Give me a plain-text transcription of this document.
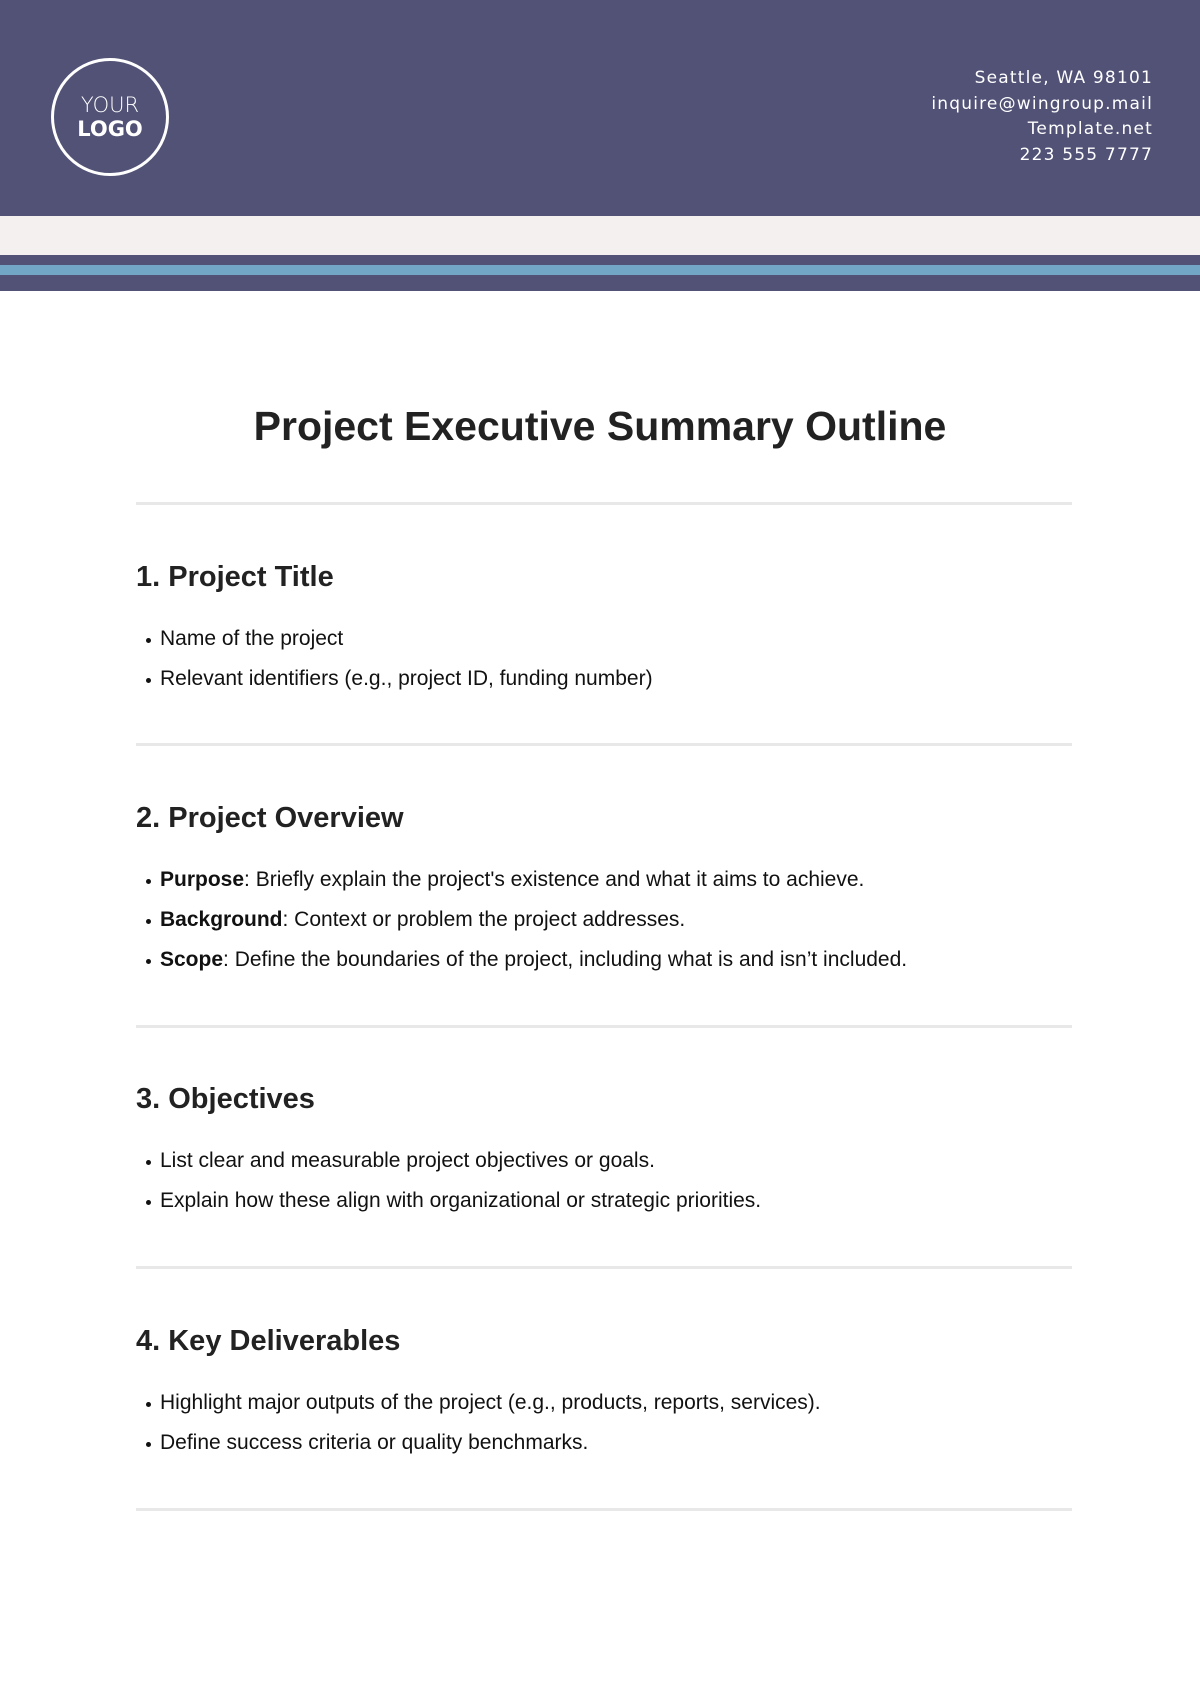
YOUR
LOGO
Seattle, WA 98101
inquire@wingroup.mail
Template.net
223 555 7777
Project Executive Summary Outline
1. Project Title
Name of the project
Relevant identifiers (e.g., project ID, funding number)
2. Project Overview
Purpose: Briefly explain the project's existence and what it aims to achieve.
Background: Context or problem the project addresses.
Scope: Define the boundaries of the project, including what is and isn’t included.
3. Objectives
List clear and measurable project objectives or goals.
Explain how these align with organizational or strategic priorities.
4. Key Deliverables
Highlight major outputs of the project (e.g., products, reports, services).
Define success criteria or quality benchmarks.
